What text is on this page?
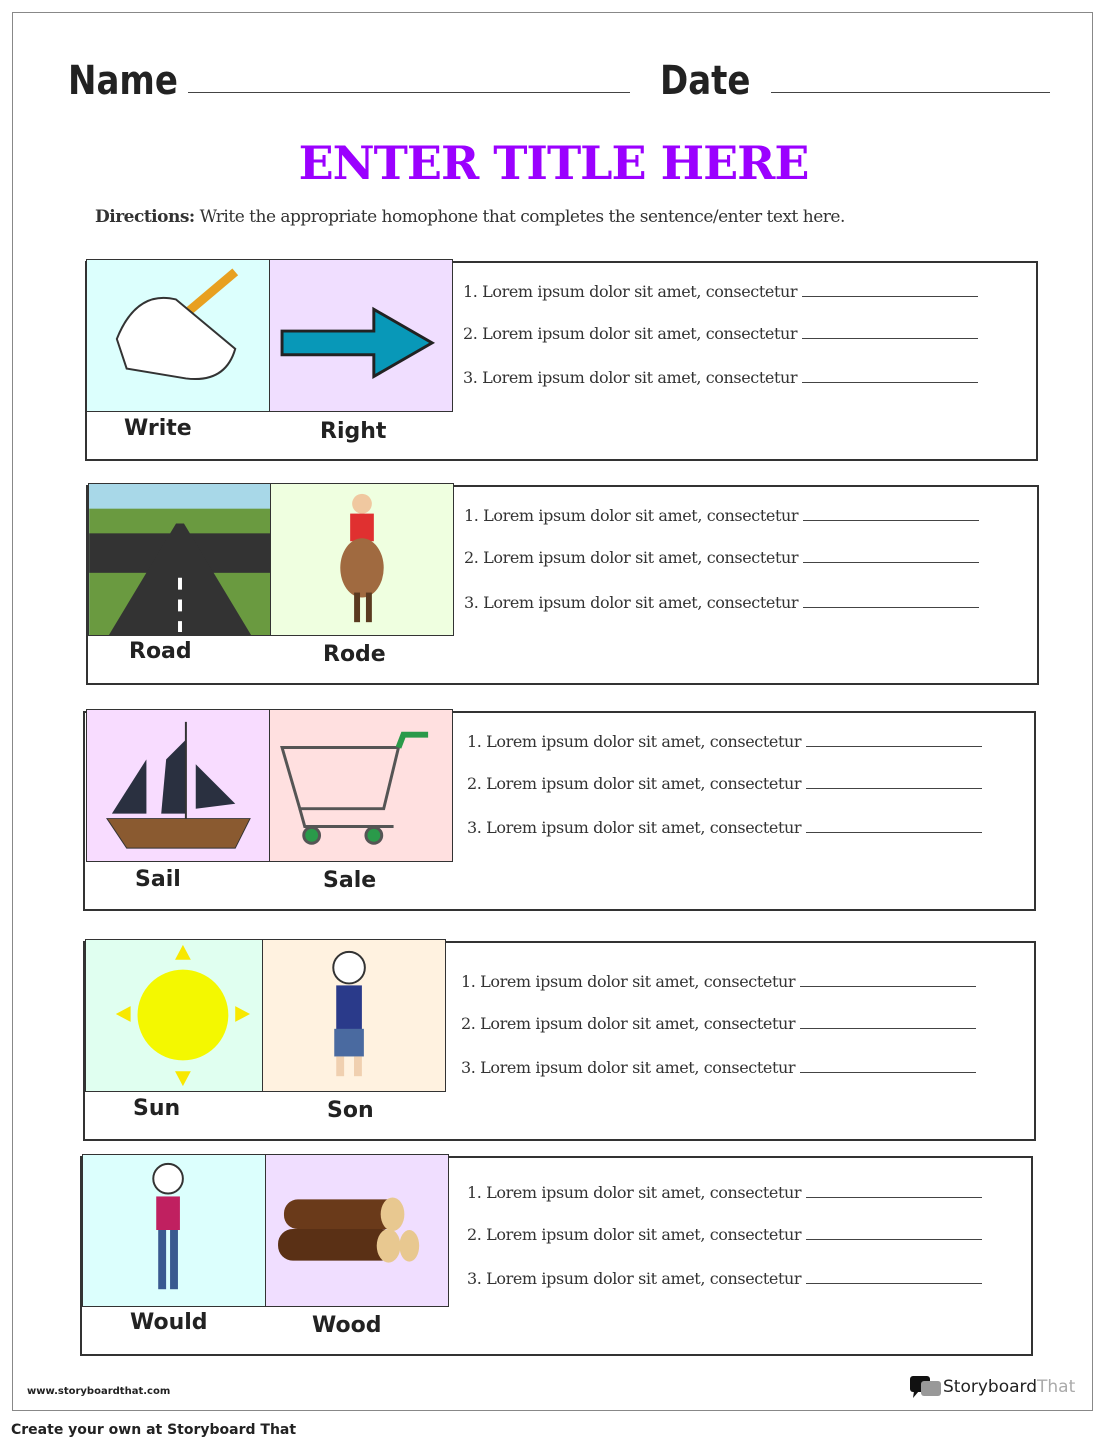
Name	Date
ENTER TITLE HERE
Directions: Write the appropriate homophone that completes the sentence/enter text here.
Write	Right
1. Lorem ipsum dolor sit amet, consectetur
2. Lorem ipsum dolor sit amet, consectetur
3. Lorem ipsum dolor sit amet, consectetur
Road	Rode
1. Lorem ipsum dolor sit amet, consectetur
2. Lorem ipsum dolor sit amet, consectetur
3. Lorem ipsum dolor sit amet, consectetur
Sail	Sale
1. Lorem ipsum dolor sit amet, consectetur
2. Lorem ipsum dolor sit amet, consectetur
3. Lorem ipsum dolor sit amet, consectetur
Sun	Son
1. Lorem ipsum dolor sit amet, consectetur
2. Lorem ipsum dolor sit amet, consectetur
3. Lorem ipsum dolor sit amet, consectetur
Would	Wood
1. Lorem ipsum dolor sit amet, consectetur
2. Lorem ipsum dolor sit amet, consectetur
3. Lorem ipsum dolor sit amet, consectetur
www.storyboardthat.com	Storyboard That
Create your own at Storyboard That
